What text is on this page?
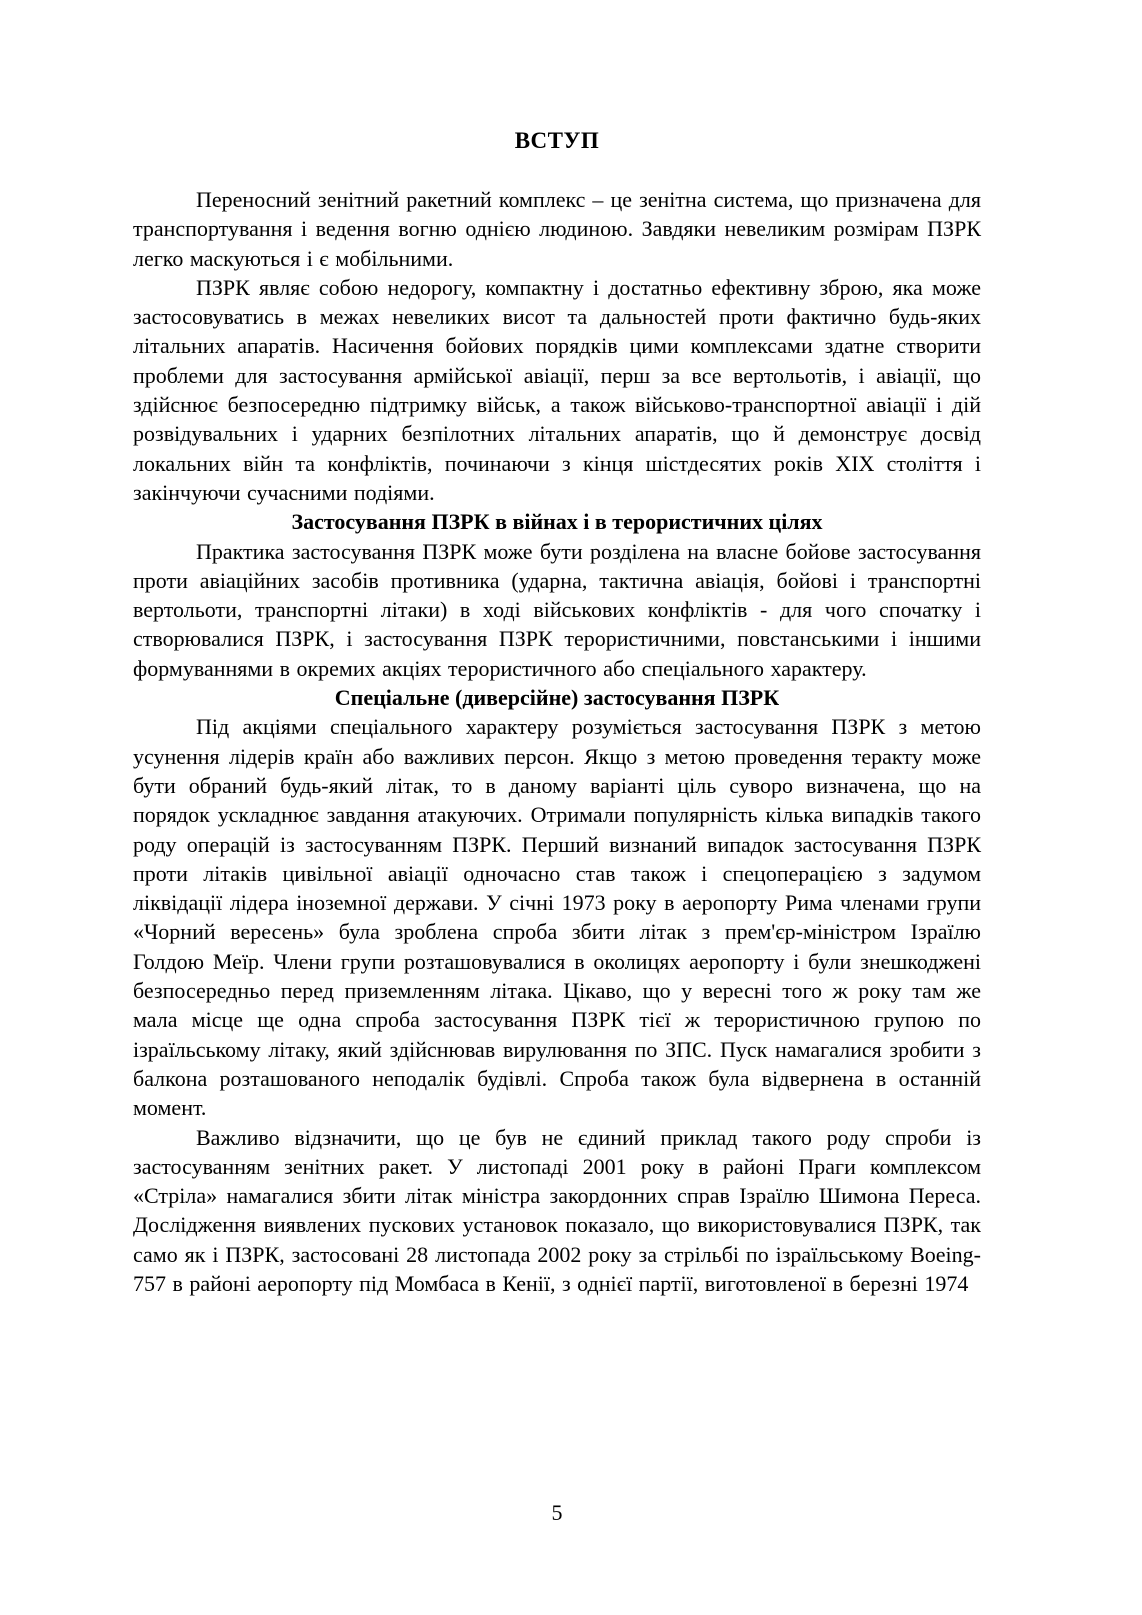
ВСТУП

Переносний зенітний ракетний комплекс – це зенітна система, що призначена для транспортування і ведення вогню однією людиною. Завдяки невеликим розмірам ПЗРК легко маскуються і є мобільними.

ПЗРК являє собою недорогу, компактну і достатньо ефективну зброю, яка може застосовуватись в межах невеликих висот та дальностей проти фактично будь-яких літальних апаратів. Насичення бойових порядків цими комплексами здатне створити проблеми для застосування армійської авіації, перш за все вертольотів, і авіації, що здійснює безпосередню підтримку військ, а також військово-транспортної авіації і дій розвідувальних і ударних безпілотних літальних апаратів, що й демонструє досвід локальних війн та конфліктів, починаючи з кінця шістдесятих років XIX століття і закінчуючи сучасними подіями.

Застосування ПЗРК в війнах і в терористичних цілях

Практика застосування ПЗРК може бути розділена на власне бойове застосування проти авіаційних засобів противника (ударна, тактична авіація, бойові і транспортні вертольоти, транспортні літаки) в ході військових конфліктів - для чого спочатку і створювалися ПЗРК, і застосування ПЗРК терористичними, повстанськими і іншими формуваннями в окремих акціях терористичного або спеціального характеру.

Спеціальне (диверсійне) застосування ПЗРК

Під акціями спеціального характеру розуміється застосування ПЗРК з метою усунення лідерів країн або важливих персон. Якщо з метою проведення теракту може бути обраний будь-який літак, то в даному варіанті ціль суворо визначена, що на порядок ускладнює завдання атакуючих. Отримали популярність кілька випадків такого роду операцій із застосуванням ПЗРК. Перший визнаний випадок застосування ПЗРК проти літаків цивільної авіації одночасно став також і спецоперацією з задумом ліквідації лідера іноземної держави. У січні 1973 року в аеропорту Рима членами групи «Чорний вересень» була зроблена спроба збити літак з прем'єр-міністром Ізраїлю Голдою Меїр. Члени групи розташовувалися в околицях аеропорту і були знешкоджені безпосередньо перед приземленням літака. Цікаво, що у вересні того ж року там же мала місце ще одна спроба застосування ПЗРК тієї ж терористичною групою по ізраїльському літаку, який здійснював вирулювання по ЗПС. Пуск намагалися зробити з балкона розташованого неподалік будівлі. Спроба також була відвернена в останній момент.

Важливо відзначити, що це був не єдиний приклад такого роду спроби із застосуванням зенітних ракет. У листопаді 2001 року в районі Праги комплексом «Стріла» намагалися збити літак міністра закордонних справ Ізраїлю Шимона Переса. Дослідження виявлених пускових установок показало, що використовувалися ПЗРК, так само як і ПЗРК, застосовані 28 листопада 2002 року за стрільбі по ізраїльському Boeing-757 в районі аеропорту під Момбаса в Кенії, з однієї партії, виготовленої в березні 1974

5
